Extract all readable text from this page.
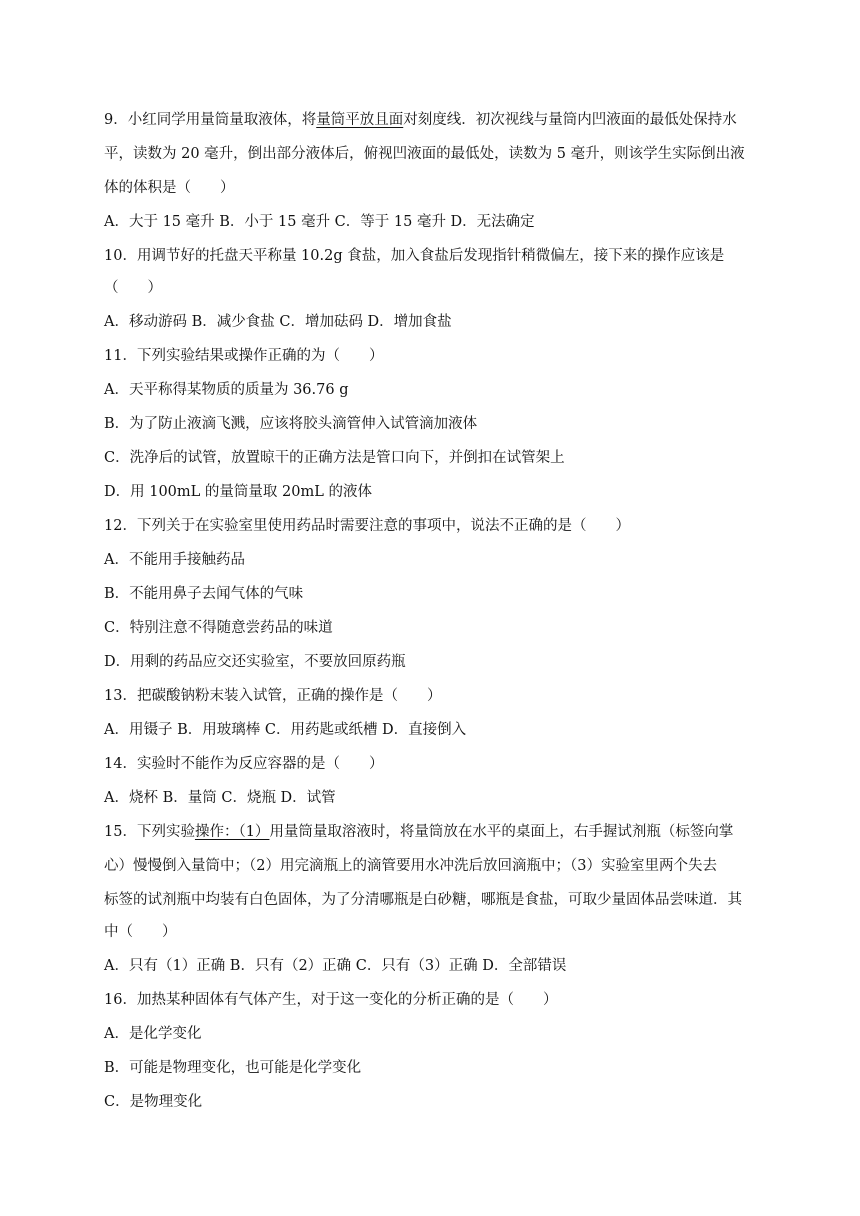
9．小红同学用量筒量取液体，将量筒平放且面对刻度线．初次视线与量筒内凹液面的最低处保持水
平，读数为 20 毫升，倒出部分液体后，俯视凹液面的最低处，读数为 5 毫升，则该学生实际倒出液
体的体积是（　　）
A．大于 15 毫升 B．小于 15 毫升 C．等于 15 毫升 D．无法确定
10．用调节好的托盘天平称量 10.2g 食盐，加入食盐后发现指针稍微偏左，接下来的操作应该是
（　　）
A．移动游码 B．减少食盐 C．增加砝码 D．增加食盐
11．下列实验结果或操作正确的为（　　）
A．天平称得某物质的质量为 36.76 g
B．为了防止液滴飞溅，应该将胶头滴管伸入试管滴加液体
C．洗净后的试管，放置晾干的正确方法是管口向下，并倒扣在试管架上
D．用 100mL 的量筒量取 20mL 的液体
12．下列关于在实验室里使用药品时需要注意的事项中，说法不正确的是（　　）
A．不能用手接触药品
B．不能用鼻子去闻气体的气味
C．特别注意不得随意尝药品的味道
D．用剩的药品应交还实验室，不要放回原药瓶
13．把碳酸钠粉末装入试管，正确的操作是（　　）
A．用镊子 B．用玻璃棒 C．用药匙或纸槽 D．直接倒入
14．实验时不能作为反应容器的是（　　）
A．烧杯 B．量筒 C．烧瓶 D．试管
15．下列实验操作：（1）用量筒量取溶液时，将量筒放在水平的桌面上，右手握试剂瓶（标签向掌
心）慢慢倒入量筒中；（2）用完滴瓶上的滴管要用水冲洗后放回滴瓶中；（3）实验室里两个失去
标签的试剂瓶中均装有白色固体，为了分清哪瓶是白砂糖，哪瓶是食盐，可取少量固体品尝味道．其
中（　　）
A．只有（1）正确 B．只有（2）正确 C．只有（3）正确 D．全部错误
16．加热某种固体有气体产生，对于这一变化的分析正确的是（　　）
A．是化学变化
B．可能是物理变化，也可能是化学变化
C．是物理变化
